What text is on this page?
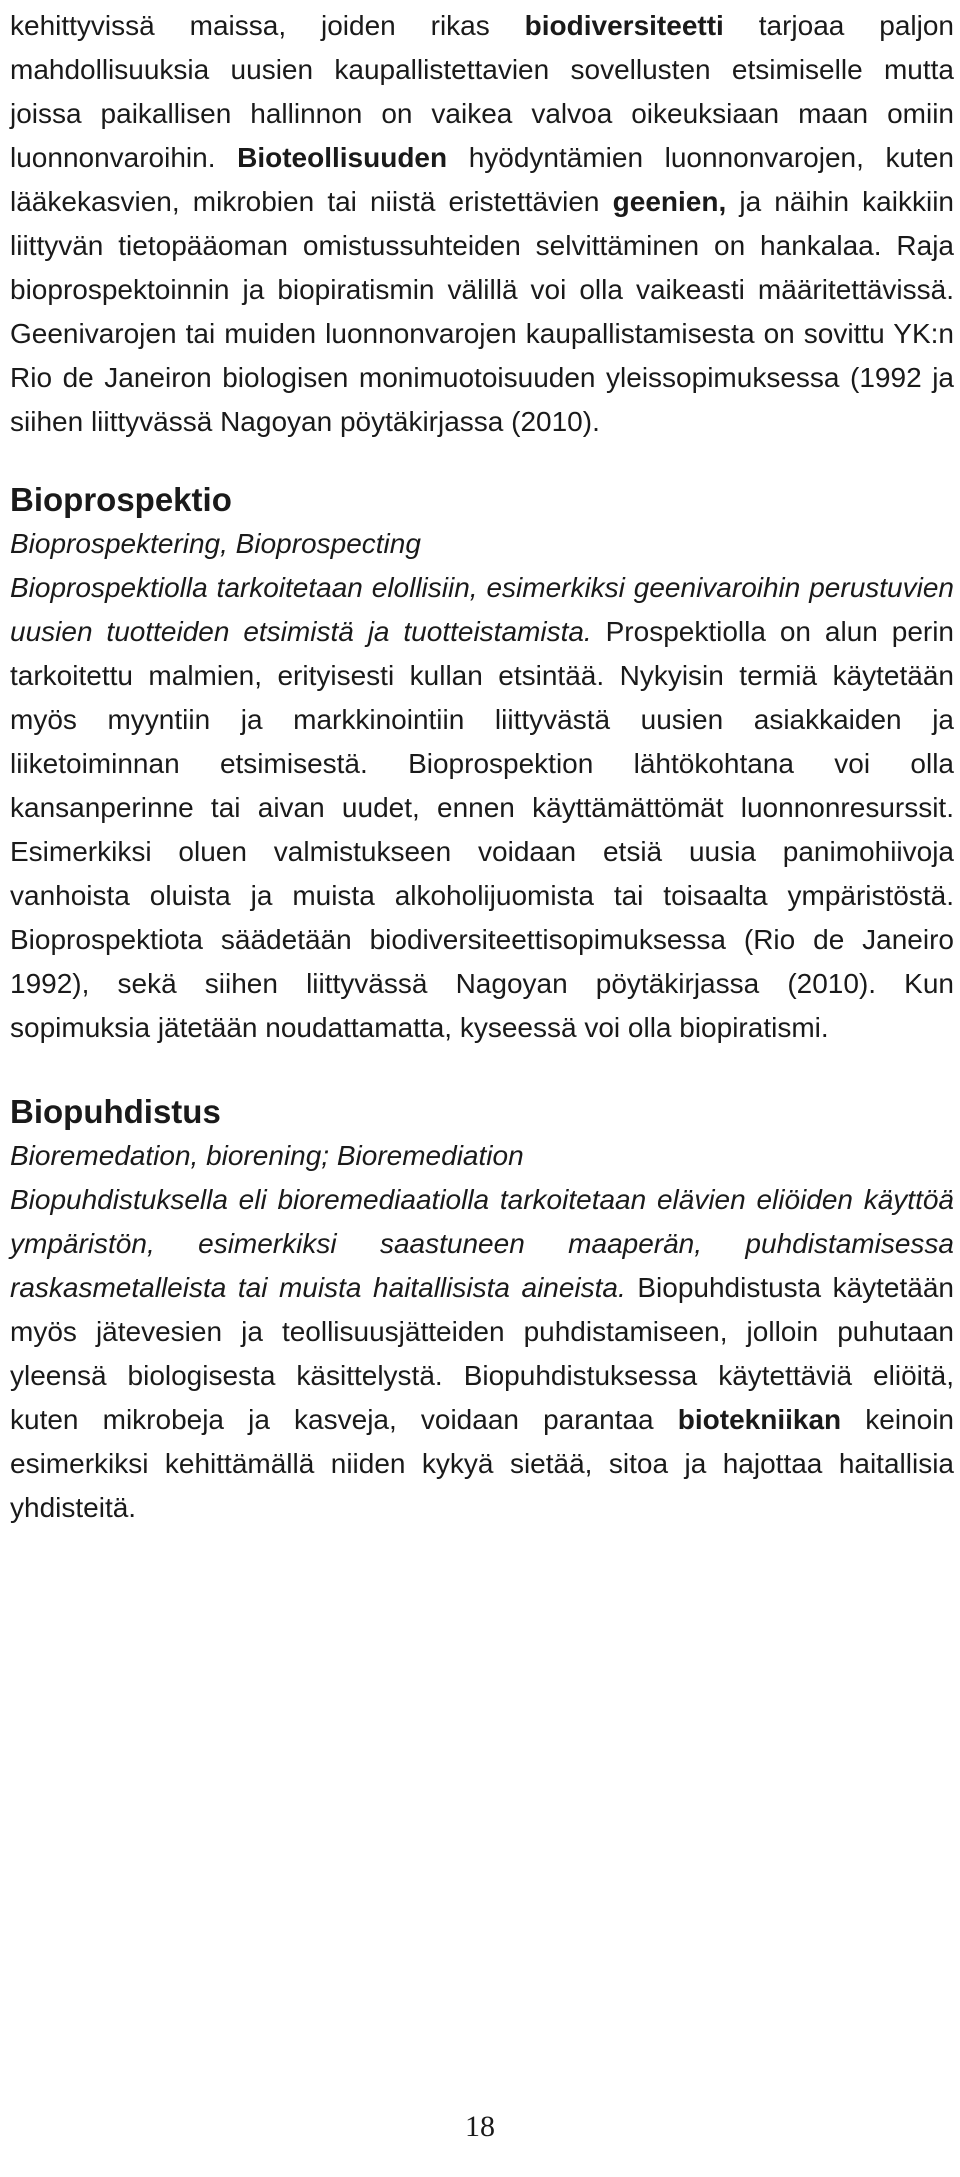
kehittyvissä maissa, joiden rikas biodiversiteetti tarjoaa paljon mahdollisuuksia uusien kaupallistettavien sovellusten etsimiselle mutta joissa paikallisen hallinnon on vaikea valvoa oikeuksiaan maan omiin luonnonvaroihin. Bioteollisuuden hyödyntämien luonnonvarojen, kuten lääkekasvien, mikrobien tai niistä eristettävien geenien, ja näihin kaikkiin liittyvän tietopääoman omistussuhteiden selvittäminen on hankalaa. Raja bioprospektoinnin ja biopiratismin välillä voi olla vaikeasti määritettävissä. Geenivarojen tai muiden luonnonvarojen kaupallistamisesta on sovittu YK:n Rio de Janeiron biologisen monimuotoisuuden yleissopimuksessa (1992 ja siihen liittyvässä Nagoyan pöytäkirjassa (2010).

Bioprospektio

Bioprospektering, Bioprospecting

Bioprospektiolla tarkoitetaan elollisiin, esimerkiksi geenivaroihin perustuvien uusien tuotteiden etsimistä ja tuotteistamista. Prospektiolla on alun perin tarkoitettu malmien, erityisesti kullan etsintää. Nykyisin termiä käytetään myös myyntiin ja markkinointiin liittyvästä uusien asiakkaiden ja liiketoiminnan etsimisestä. Bioprospektion lähtökohtana voi olla kansanperinne tai aivan uudet, ennen käyttämättömät luonnonresurssit. Esimerkiksi oluen valmistukseen voidaan etsiä uusia panimohiivoja vanhoista oluista ja muista alkoholijuomista tai toisaalta ympäristöstä. Bioprospektiota säädetään biodiversiteettisopimuksessa (Rio de Janeiro 1992), sekä siihen liittyvässä Nagoyan pöytäkirjassa (2010). Kun sopimuksia jätetään noudattamatta, kyseessä voi olla biopiratismi.

Biopuhdistus

Bioremedation, biorening; Bioremediation

Biopuhdistuksella eli bioremediaatiolla tarkoitetaan elävien eliöiden käyttöä ympäristön, esimerkiksi saastuneen maaperän, puhdistamisessa raskasmetalleista tai muista haitallisista aineista. Biopuhdistusta käytetään myös jätevesien ja teollisuusjätteiden puhdistamiseen, jolloin puhutaan yleensä biologisesta käsittelystä. Biopuhdistuksessa käytettäviä eliöitä, kuten mikrobeja ja kasveja, voidaan parantaa biotekniikan keinoin esimerkiksi kehittämällä niiden kykyä sietää, sitoa ja hajottaa haitallisia yhdisteitä.

18
